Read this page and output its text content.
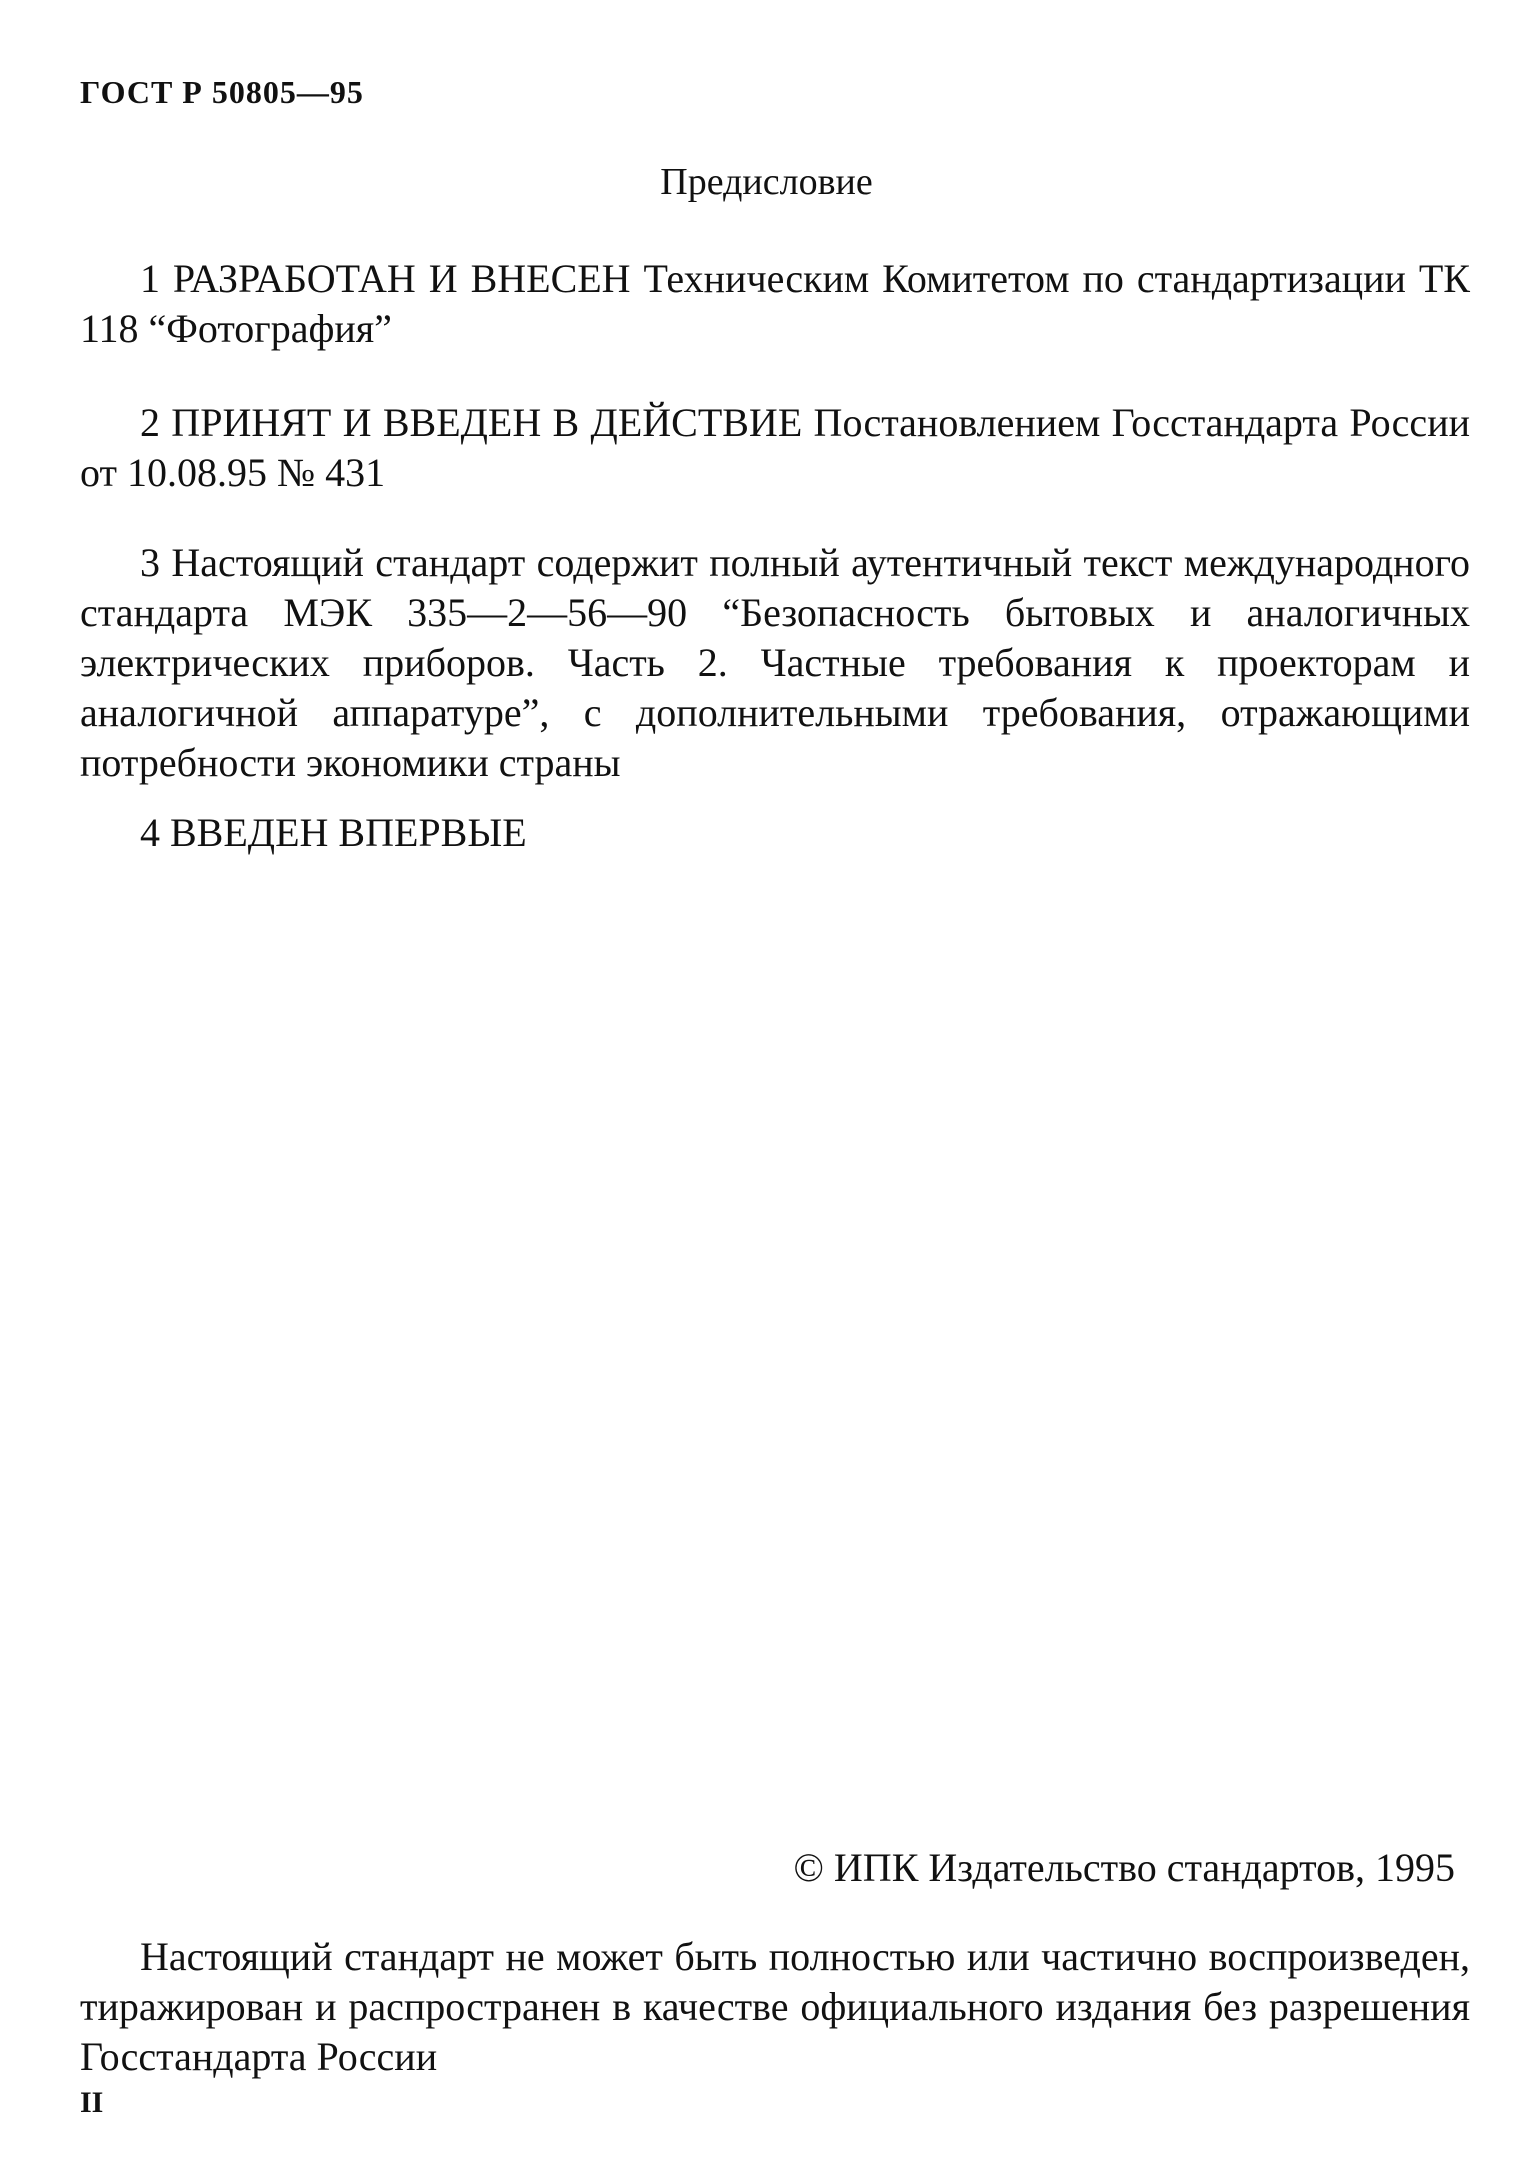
ГОСТ Р 50805—95
Предисловие

1 РАЗРАБОТАН И ВНЕСЕН Техническим Комитетом по стандартизации ТК 118 “Фотография”

2 ПРИНЯТ И ВВЕДЕН В ДЕЙСТВИЕ Постановлением Госстандарта России от 10.08.95 № 431

3 Настоящий стандарт содержит полный аутентичный текст международного стандарта МЭК 335—2—56—90 “Безопасность бытовых и аналогичных электрических приборов. Часть 2. Частные требования к проекторам и аналогичной аппаратуре”, с дополнительными требования, отражающими потребности экономики страны

4 ВВЕДЕН ВПЕРВЫЕ

© ИПК Издательство стандартов, 1995

Настоящий стандарт не может быть полностью или частично воспроизведен, тиражирован и распространен в качестве официального издания без разрешения Госстандарта России

II
